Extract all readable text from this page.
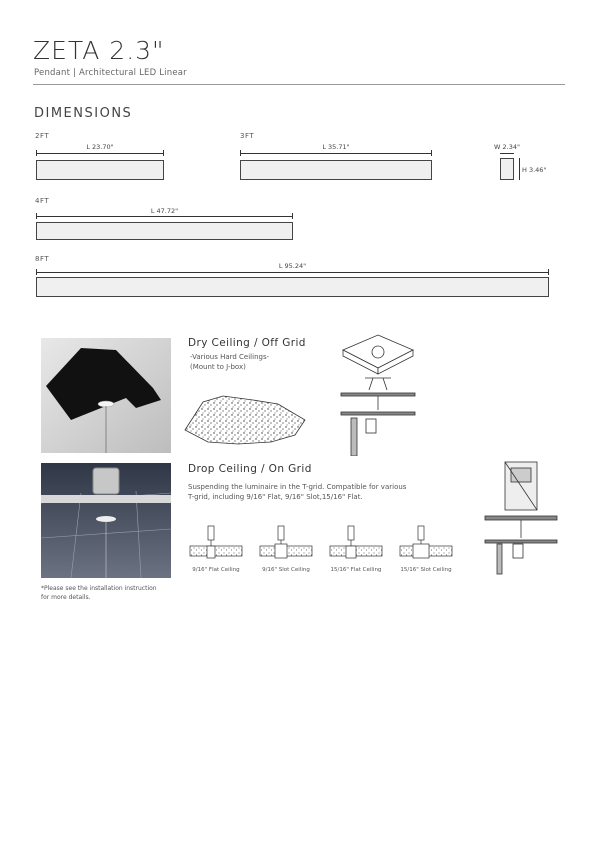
ZETA 2.3"
Pendant | Architectural LED Linear
DIMENSIONS
2FT
L 23.70"
3FT
L 35.71"	W 2.34"
H 3.46"
4FT
L 47.72"
8FT
L 95.24"
Dry Ceiling / Off Grid
-Various Hard Ceilings-
(Mount to J-box)
*Please see the installation instruction
for more details.
Drop Ceiling / On Grid
Suspending the luminaire in the T-grid. Compatible for various
T-grid, including 9/16" Flat, 9/16" Slot,15/16" Flat.
9/16" Flat Ceiling	9/16" Slot Ceiling	15/16" Flat Ceiling	15/16" Slot Ceiling
